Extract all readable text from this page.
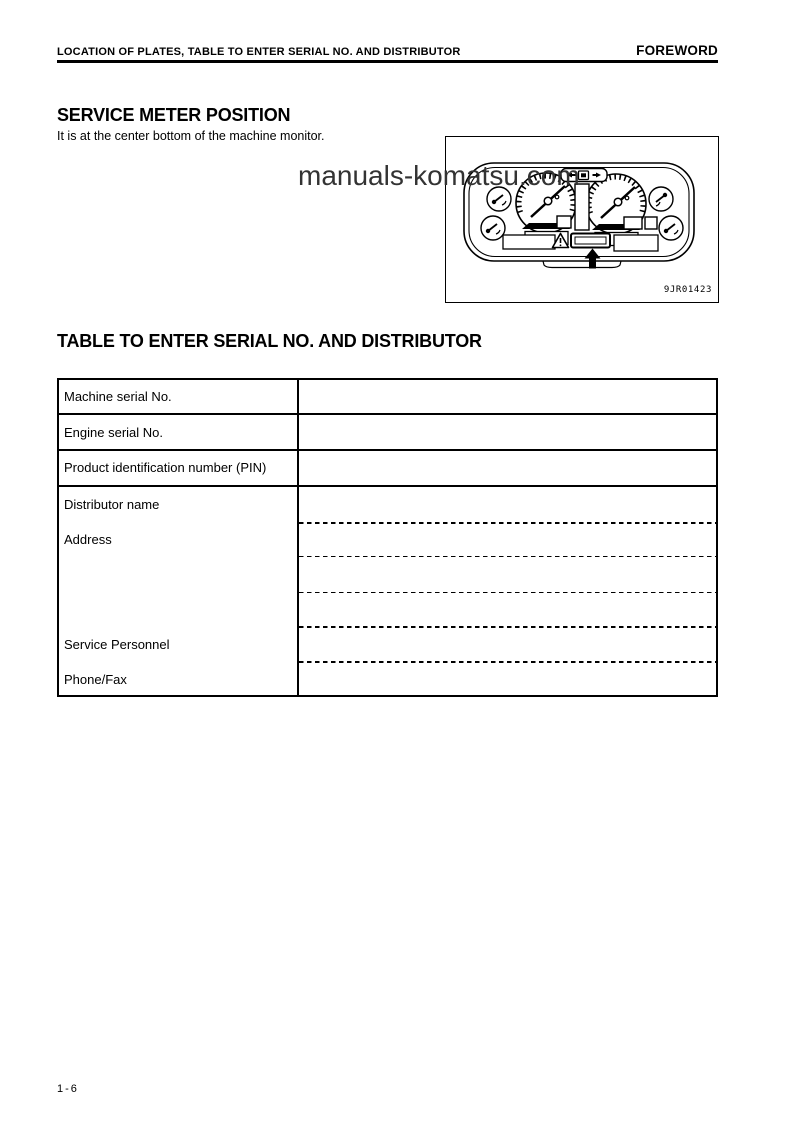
LOCATION OF PLATES, TABLE TO ENTER SERIAL NO. AND DISTRIBUTOR	FOREWORD
SERVICE METER POSITION
It is at the center bottom of the machine monitor.
manuals-komatsu.com
9JR01423
TABLE TO ENTER SERIAL NO. AND DISTRIBUTOR
Machine serial No.
Engine serial No.
Product identification number (PIN)
Distributor name
Address
Service Personnel
Phone/Fax
1-6
